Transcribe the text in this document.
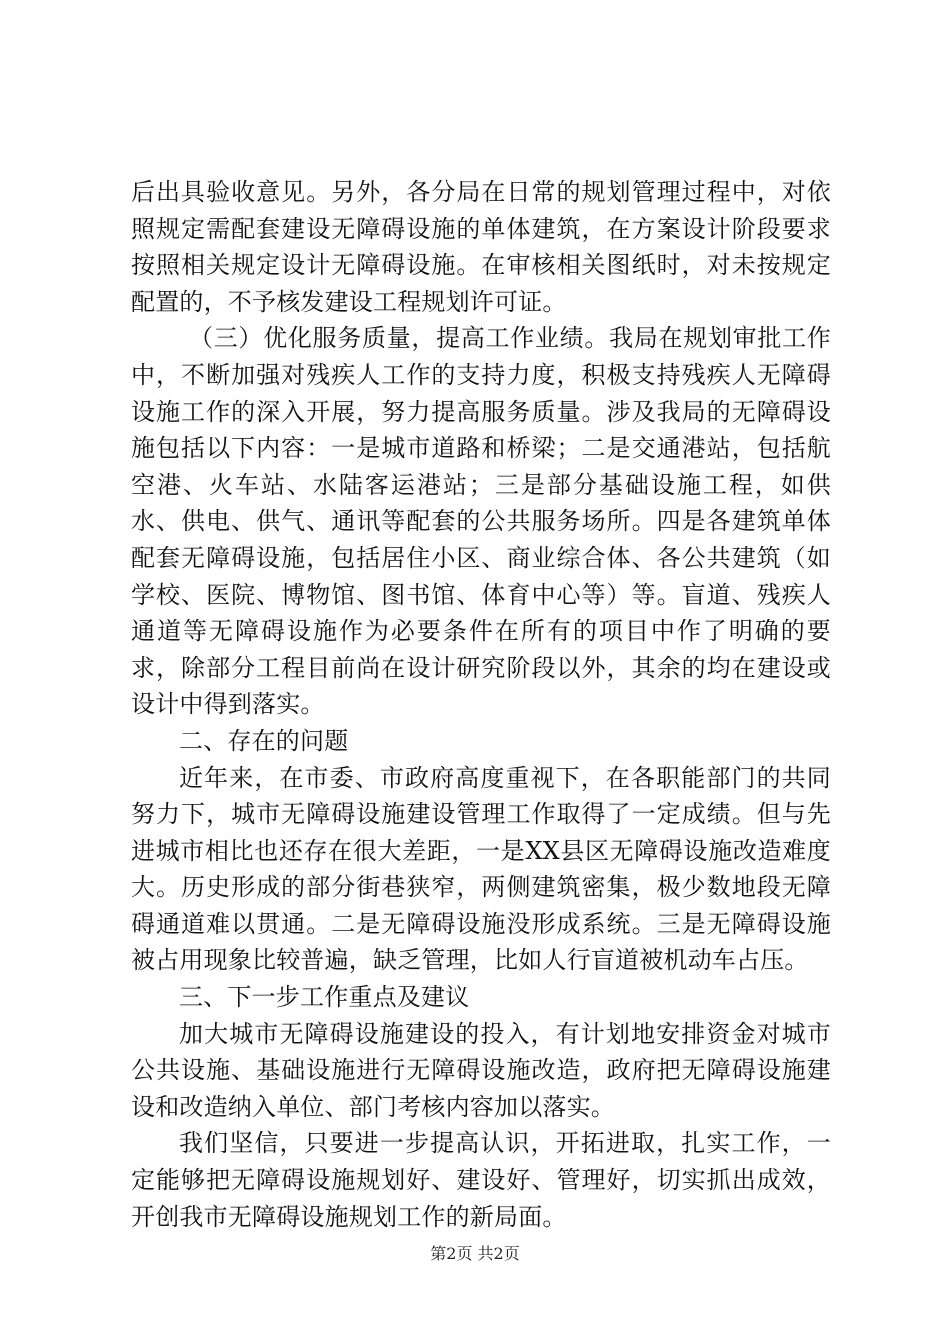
后出具验收意见。另外，各分局在日常的规划管理过程中，对依照规定需配套建设无障碍设施的单体建筑，在方案设计阶段要求按照相关规定设计无障碍设施。在审核相关图纸时，对未按规定配置的，不予核发建设工程规划许可证。

（三）优化服务质量，提高工作业绩。我局在规划审批工作中，不断加强对残疾人工作的支持力度，积极支持残疾人无障碍设施工作的深入开展，努力提高服务质量。涉及我局的无障碍设施包括以下内容：一是城市道路和桥梁；二是交通港站，包括航空港、火车站、水陆客运港站；三是部分基础设施工程，如供水、供电、供气、通讯等配套的公共服务场所。四是各建筑单体配套无障碍设施，包括居住小区、商业综合体、各公共建筑（如学校、医院、博物馆、图书馆、体育中心等）等。盲道、残疾人通道等无障碍设施作为必要条件在所有的项目中作了明确的要求，除部分工程目前尚在设计研究阶段以外，其余的均在建设或设计中得到落实。

二、存在的问题

近年来，在市委、市政府高度重视下，在各职能部门的共同努力下，城市无障碍设施建设管理工作取得了一定成绩。但与先进城市相比也还存在很大差距，一是XX县区无障碍设施改造难度大。历史形成的部分街巷狭窄，两侧建筑密集，极少数地段无障碍通道难以贯通。二是无障碍设施没形成系统。三是无障碍设施被占用现象比较普遍，缺乏管理，比如人行盲道被机动车占压。

三、下一步工作重点及建议

加大城市无障碍设施建设的投入，有计划地安排资金对城市公共设施、基础设施进行无障碍设施改造，政府把无障碍设施建设和改造纳入单位、部门考核内容加以落实。

我们坚信，只要进一步提高认识，开拓进取，扎实工作，一定能够把无障碍设施规划好、建设好、管理好，切实抓出成效，开创我市无障碍设施规划工作的新局面。

第2页 共2页
